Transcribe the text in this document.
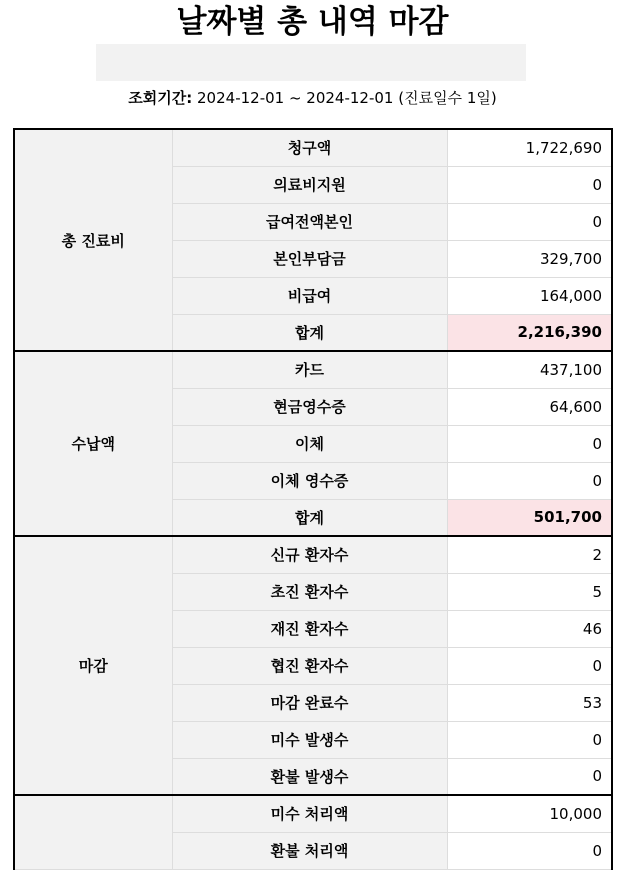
날짜별 총 내역 마감
조회기간: 2024-12-01 ~ 2024-12-01 (진료일수 1일)
총 진료비	청구액	1,722,690
	의료비지원	0
	급여전액본인	0
	본인부담금	329,700
	비급여	164,000
	합계	2,216,390
수납액	카드	437,100
	현금영수증	64,600
	이체	0
	이체 영수증	0
	합계	501,700
마감	신규 환자수	2
	초진 환자수	5
	재진 환자수	46
	협진 환자수	0
	마감 완료수	53
	미수 발생수	0
	환불 발생수	0
	미수 처리액	10,000
	환불 처리액	0
